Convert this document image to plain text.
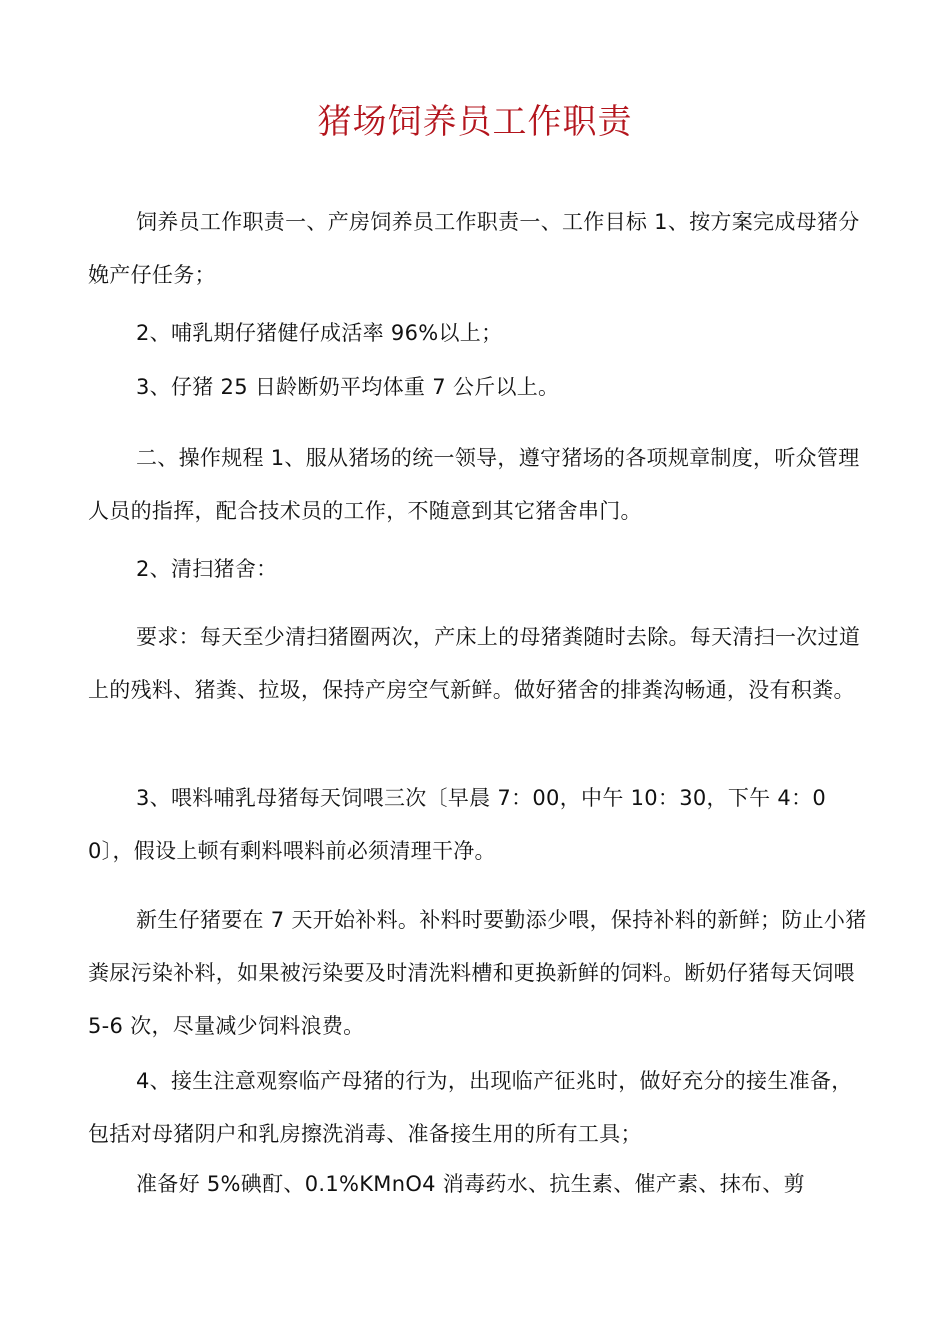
猪场饲养员工作职责

饲养员工作职责一、产房饲养员工作职责一、工作目标 1、按方案完成母猪分娩产仔任务；

2、哺乳期仔猪健仔成活率 96%以上；

3、仔猪 25 日龄断奶平均体重 7 公斤以上。

二、操作规程 1、服从猪场的统一领导，遵守猪场的各项规章制度，听众管理人员的指挥，配合技术员的工作，不随意到其它猪舍串门。

2、清扫猪舍：

要求：每天至少清扫猪圈两次，产床上的母猪粪随时去除。每天清扫一次过道上的残料、猪粪、拉圾，保持产房空气新鲜。做好猪舍的排粪沟畅通，没有积粪。

3、喂料哺乳母猪每天饲喂三次〔早晨 7：00，中午 10：30，下午 4：00〕，假设上顿有剩料喂料前必须清理干净。

新生仔猪要在 7 天开始补料。补料时要勤添少喂，保持补料的新鲜；防止小猪粪尿污染补料，如果被污染要及时清洗料槽和更换新鲜的饲料。断奶仔猪每天饲喂 5-6 次，尽量减少饲料浪费。

4、接生注意观察临产母猪的行为，出现临产征兆时，做好充分的接生准备，包括对母猪阴户和乳房擦洗消毒、准备接生用的所有工具；

准备好 5%碘酊、0.1%KMnO4 消毒药水、抗生素、催产素、抹布、剪
